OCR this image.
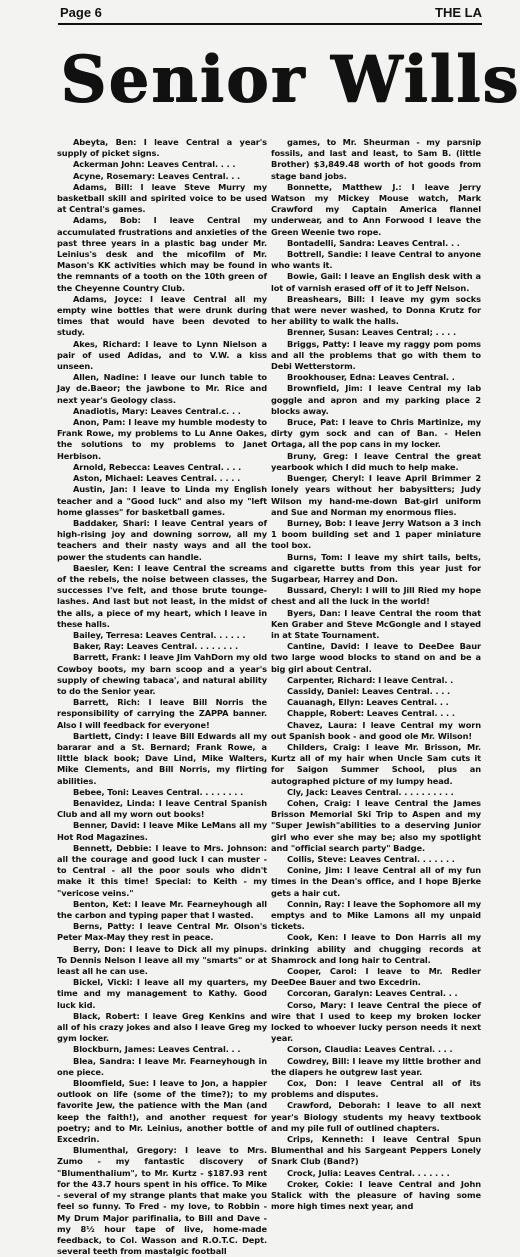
Page 6	THE LA
Senior Wills

Abeyta, Ben: I leave Central a year's supply of picket signs.

Ackerman John: Leaves Central. . . .

Acyne, Rosemary: Leaves Central. . .

Adams, Bill: I leave Steve Murry my basketball skill and spirited voice to be used at Central's games.

Adams, Bob: I leave Central my accumulated frustrations and anxieties of the past three years in a plastic bag under Mr. Leinius's desk and the micofilm of Mr. Mason's KK activities which may be found in the remnants of a tooth on the 10th green of the Cheyenne Country Club.

Adams, Joyce: I leave Central all my empty wine bottles that were drunk during times that would have been devoted to study.

Akes, Richard: I leave to Lynn Nielson a pair of used Adidas, and to V.W. a kiss unseen.

Allen, Nadine: I leave our lunch table to Jay de.Baeor; the jawbone to Mr. Rice and next year's Geology class.

Anadiotis, Mary: Leaves Central.c. . .

Anon, Pam: I leave my humble modesty to Frank Rowe, my problems to Lu Anne Oakes, the solutions to my problems to Janet Herbison.

Arnold, Rebecca: Leaves Central. . . .

Aston, Michael: Leaves Central. . . . .

Austin, Jan: I leave to Linda my English teacher and a "Good luck" and also my "left home glasses" for basketball games.

Baddaker, Shari: I leave Central years of high-rising joy and downing sorrow, all my teachers and their nasty ways and all the power the students can handle.

Baesler, Ken: I leave Central the screams of the rebels, the noise between classes, the successes I've felt, and those brute tounge-lashes. And last but not least, in the midst of the alls, a piece of my heart, which I leave in these halls.

Bailey, Terresa: Leaves Central. . . . . .

Baker, Ray: Leaves Central. . . . . . . .

Barrett, Frank: I leave Jim VahDorn my old Cowboy boots, my barn scoop and a year's supply of chewing tabaca', and natural ability to do the Senior year.

Barrett, Rich: I leave Bill Norris the responsibility of carrying the ZAPPA banner. Also I will feedback for everyone!

Bartlett, Cindy: I leave Bill Edwards all my bararar and a St. Bernard; Frank Rowe, a little black book; Dave Lind, Mike Walters, Mike Clements, and Bill Norris, my flirting abilities.

Bebee, Toni: Leaves Central. . . . . . . .

Benavidez, Linda: I leave Central Spanish Club and all my worn out books!

Benner, David: I leave Mike LeMans all my Hot Rod Magazines.

Bennett, Debbie: I leave to Mrs. Johnson: all the courage and good luck I can muster - to Central - all the poor souls who didn't make it this time! Special: to Keith - my "vericose veins."

Benton, Ket: I leave Mr. Fearneyhough all the carbon and typing paper that I wasted.

Berns, Patty: I leave Central Mr. Olson's Peter Max-May they rest in peace.

Berry, Don: I leave to Dick all my pinups. To Dennis Nelson I leave all my "smarts" or at least all he can use.

Bickel, Vicki: I leave all my quarters, my time and my management to Kathy. Good luck kid.

Black, Robert: I leave Greg Kenkins and all of his crazy jokes and also I leave Greg my gym locker.

Blockburn, James: Leaves Central. . .

Blea, Sandra: I leave Mr. Fearneyhough in one piece.

Bloomfield, Sue: I leave to Jon, a happier outlook on life (some of the time?); to my favorite Jew, the patience with the Man (and keep the faith!), and another request for poetry; and to Mr. Leinius, another bottle of Excedrin.

Blumenthal, Gregory: I leave to Mrs. Zumo - my fantastic discovery of "Blumenthalium", to Mr. Kurtz - $187.93 rent for the 43.7 hours spent in his office. To Mike - several of my strange plants that make you feel so funny. To Fred - my love, to Robbin - My Drum Major parifinalia, to Bill and Dave - my 8½ hour tape of live, home-made feedback, to Col. Wasson and R.O.T.C. Dept. several teeth from mastalgic football

games, to Mr. Sheurman - my parsnip fossils, and last and least, to Sam B. (little Brother) $3,849.48 worth of hot goods from stage band jobs.

Bonnette, Matthew J.: I leave Jerry Watson my Mickey Mouse watch, Mark Crawford my Captain America flannel underwear, and to Ann Forwood I leave the Green Weenie two rope.

Bontadelli, Sandra: Leaves Central. . .

Bottrell, Sandie: I leave Central to anyone who wants it.

Bowie, Gail: I leave an English desk with a lot of varnish erased off of it to Jeff Nelson.

Breashears, Bill: I leave my gym socks that were never washed, to Donna Krutz for her ability to walk the halls.

Brenner, Susan: Leaves Central; . . . .

Briggs, Patty: I leave my raggy pom poms and all the problems that go with them to Debi Wetterstorm.

Brookhouser, Edna: Leaves Central. .

Brownfield, Jim: I leave Central my lab goggle and apron and my parking place 2 blocks away.

Bruce, Pat: I leave to Chris Martinize, my dirty gym sock and can of Ban. - Helen Ortaga, all the pop cans in my locker.

Bruny, Greg: I leave Central the great yearbook which I did much to help make.

Buenger, Cheryl: I leave April Brimmer 2 lonely years without her babysitters; Judy Wilson my hand-me-down Bat-girl uniform and Sue and Norman my enormous flies.

Burney, Bob: I leave Jerry Watson a 3 inch 1 boom building set and 1 paper miniature tool box.

Burns, Tom: I leave my shirt tails, belts, and cigarette butts from this year just for Sugarbear, Harrey and Don.

Bussard, Cheryl: I will to Jill Ried my hope chest and all the luck in the world!

Byers, Dan: I leave Central the room that Ken Graber and Steve McGongle and I stayed in at State Tournament.

Cantine, David: I leave to DeeDee Baur two large wood blocks to stand on and be a big girl about Central.

Carpenter, Richard: I leave Central. .

Cassidy, Daniel: Leaves Central. . . .

Cauanagh, Ellyn: Leaves Central. . .

Chapple, Robert: Leaves Central. . . .

Chavez, Laura: I leave Central my worn out Spanish book - and good ole Mr. Wilson!

Childers, Craig: I leave Mr. Brisson, Mr. Kurtz all of my hair when Uncle Sam cuts it for Saigon Summer School, plus an autographed picture of my lumpy head.

Cly, Jack: Leaves Central. . . . . . . . . .

Cohen, Craig: I leave Central the James Brisson Memorial Ski Trip to Aspen and my "Super Jewish"abilities to a deserving Junior girl who ever she may be; also my spotlight and "official search party" Badge.

Collis, Steve: Leaves Central. . . . . . .

Conine, Jim: I leave Central all of my fun times in the Dean's office, and I hope Bjerke gets a hair cut.

Connin, Ray: I leave the Sophomore all my emptys and to Mike Lamons all my unpaid tickets.

Cook, Ken: I leave to Don Harris all my drinking ability and chugging records at Shamrock and long hair to Central.

Cooper, Carol: I leave to Mr. Redler DeeDee Bauer and two Excedrin.

Corcoran, Garalyn: Leaves Central. . .

Corso, Mary: I leave Central the piece of wire that I used to keep my broken locker locked to whoever lucky person needs it next year.

Corson, Claudia: Leaves Central. . . .

Cowdrey, Bill: I leave my little brother and the diapers he outgrew last year.

Cox, Don: I leave Central all of its problems and disputes.

Crawford, Deborah: I leave to all next year's Biology students my heavy textbook and my pile full of outlined chapters.

Crips, Kenneth: I leave Central Spun Blumenthal and his Sargeant Peppers Lonely Snark Club (Band?)

Crock, Julia: Leaves Central. . . . . . .

Croker, Cokie: I leave Central and John Stalick with the pleasure of having some more high times next year, and
